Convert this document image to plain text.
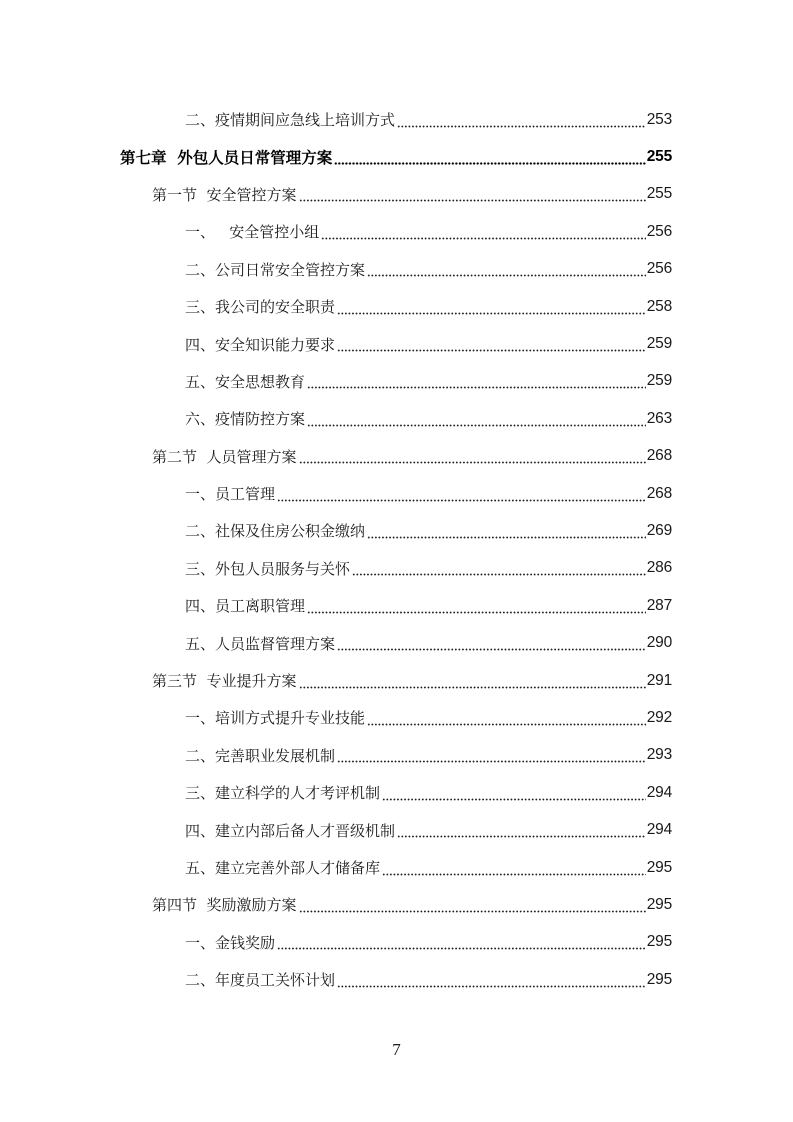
二、疫情期间应急线上培训方式	253
第七章  外包人员日常管理方案	255
第一节  安全管控方案	255
一、   安全管控小组	256
二、公司日常安全管控方案	256
三、我公司的安全职责	258
四、安全知识能力要求	259
五、安全思想教育	259
六、疫情防控方案	263
第二节  人员管理方案	268
一、员工管理	268
二、社保及住房公积金缴纳	269
三、外包人员服务与关怀	286
四、员工离职管理	287
五、人员监督管理方案	290
第三节  专业提升方案	291
一、培训方式提升专业技能	292
二、完善职业发展机制	293
三、建立科学的人才考评机制	294
四、建立内部后备人才晋级机制	294
五、建立完善外部人才储备库	295
第四节  奖励激励方案	295
一、金钱奖励	295
二、年度员工关怀计划	295
7
